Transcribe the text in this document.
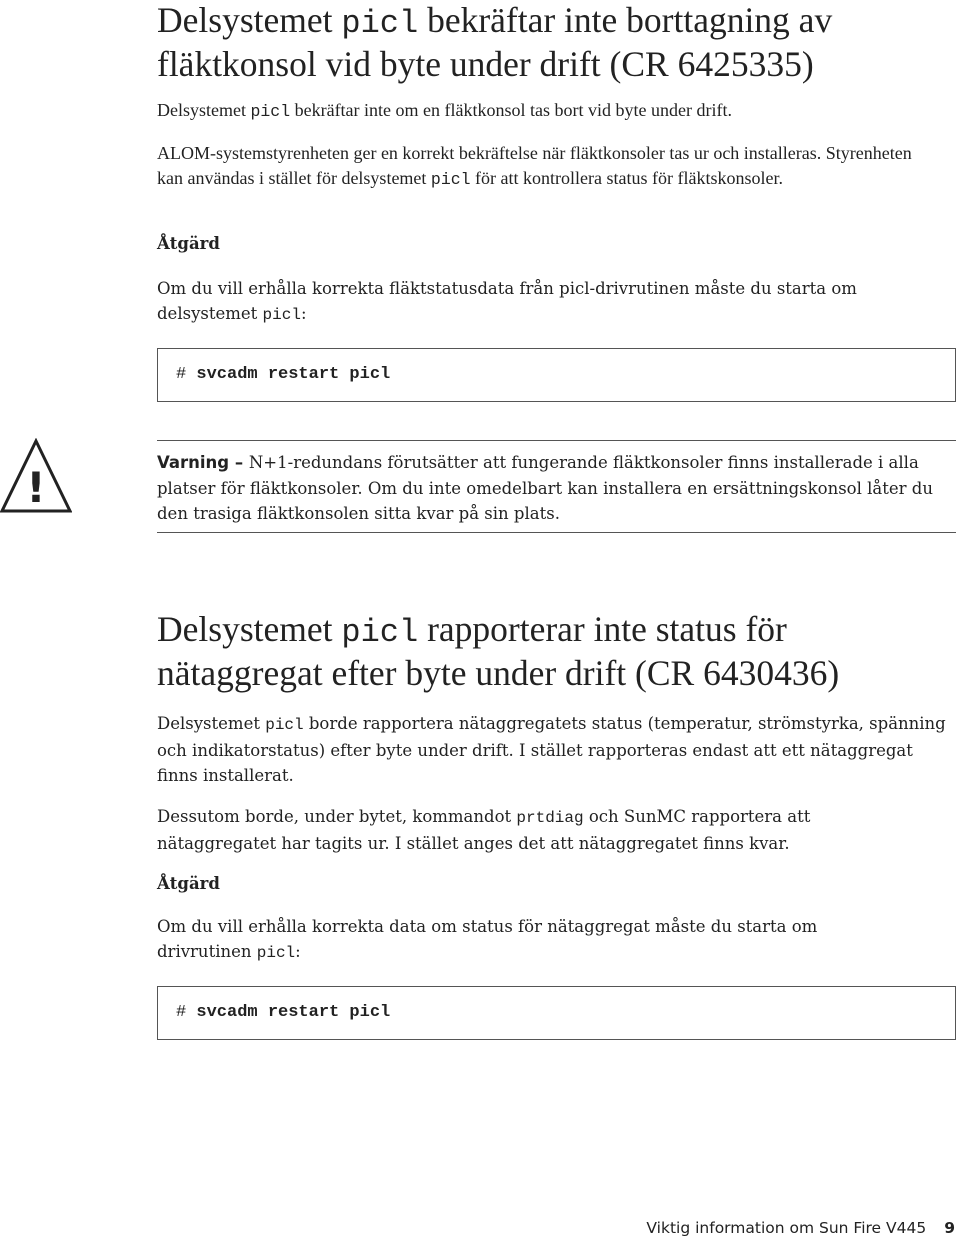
Delsystemet picl bekräftar inte borttagning av
fläktkonsol vid byte under drift (CR 6425335)

Delsystemet picl bekräftar inte om en fläktkonsol tas bort vid byte under drift.

ALOM-systemstyrenheten ger en korrekt bekräftelse när fläktkonsoler tas ur och installeras. Styrenheten kan användas i stället för delsystemet picl för att kontrollera status för fläktskonsoler.

Åtgärd

Om du vill erhålla korrekta fläktstatusdata från picl-drivrutinen måste du starta om delsystemet picl:

# svcadm restart picl
!

Varning – N+1-redundans förutsätter att fungerande fläktkonsoler finns installerade i alla platser för fläktkonsoler. Om du inte omedelbart kan installera en ersättningskonsol låter du den trasiga fläktkonsolen sitta kvar på sin plats.

Delsystemet picl rapporterar inte status för
nätaggregat efter byte under drift (CR 6430436)

Delsystemet picl borde rapportera nätaggregatets status (temperatur, strömstyrka, spänning och indikatorstatus) efter byte under drift. I stället rapporteras endast att ett nätaggregat finns installerat.

Dessutom borde, under bytet, kommandot prtdiag och SunMC rapportera att nätaggregatet har tagits ur. I stället anges det att nätaggregatet finns kvar.

Åtgärd

Om du vill erhålla korrekta data om status för nätaggregat måste du starta om drivrutinen picl:

# svcadm restart picl
Viktig information om Sun Fire V445 9
